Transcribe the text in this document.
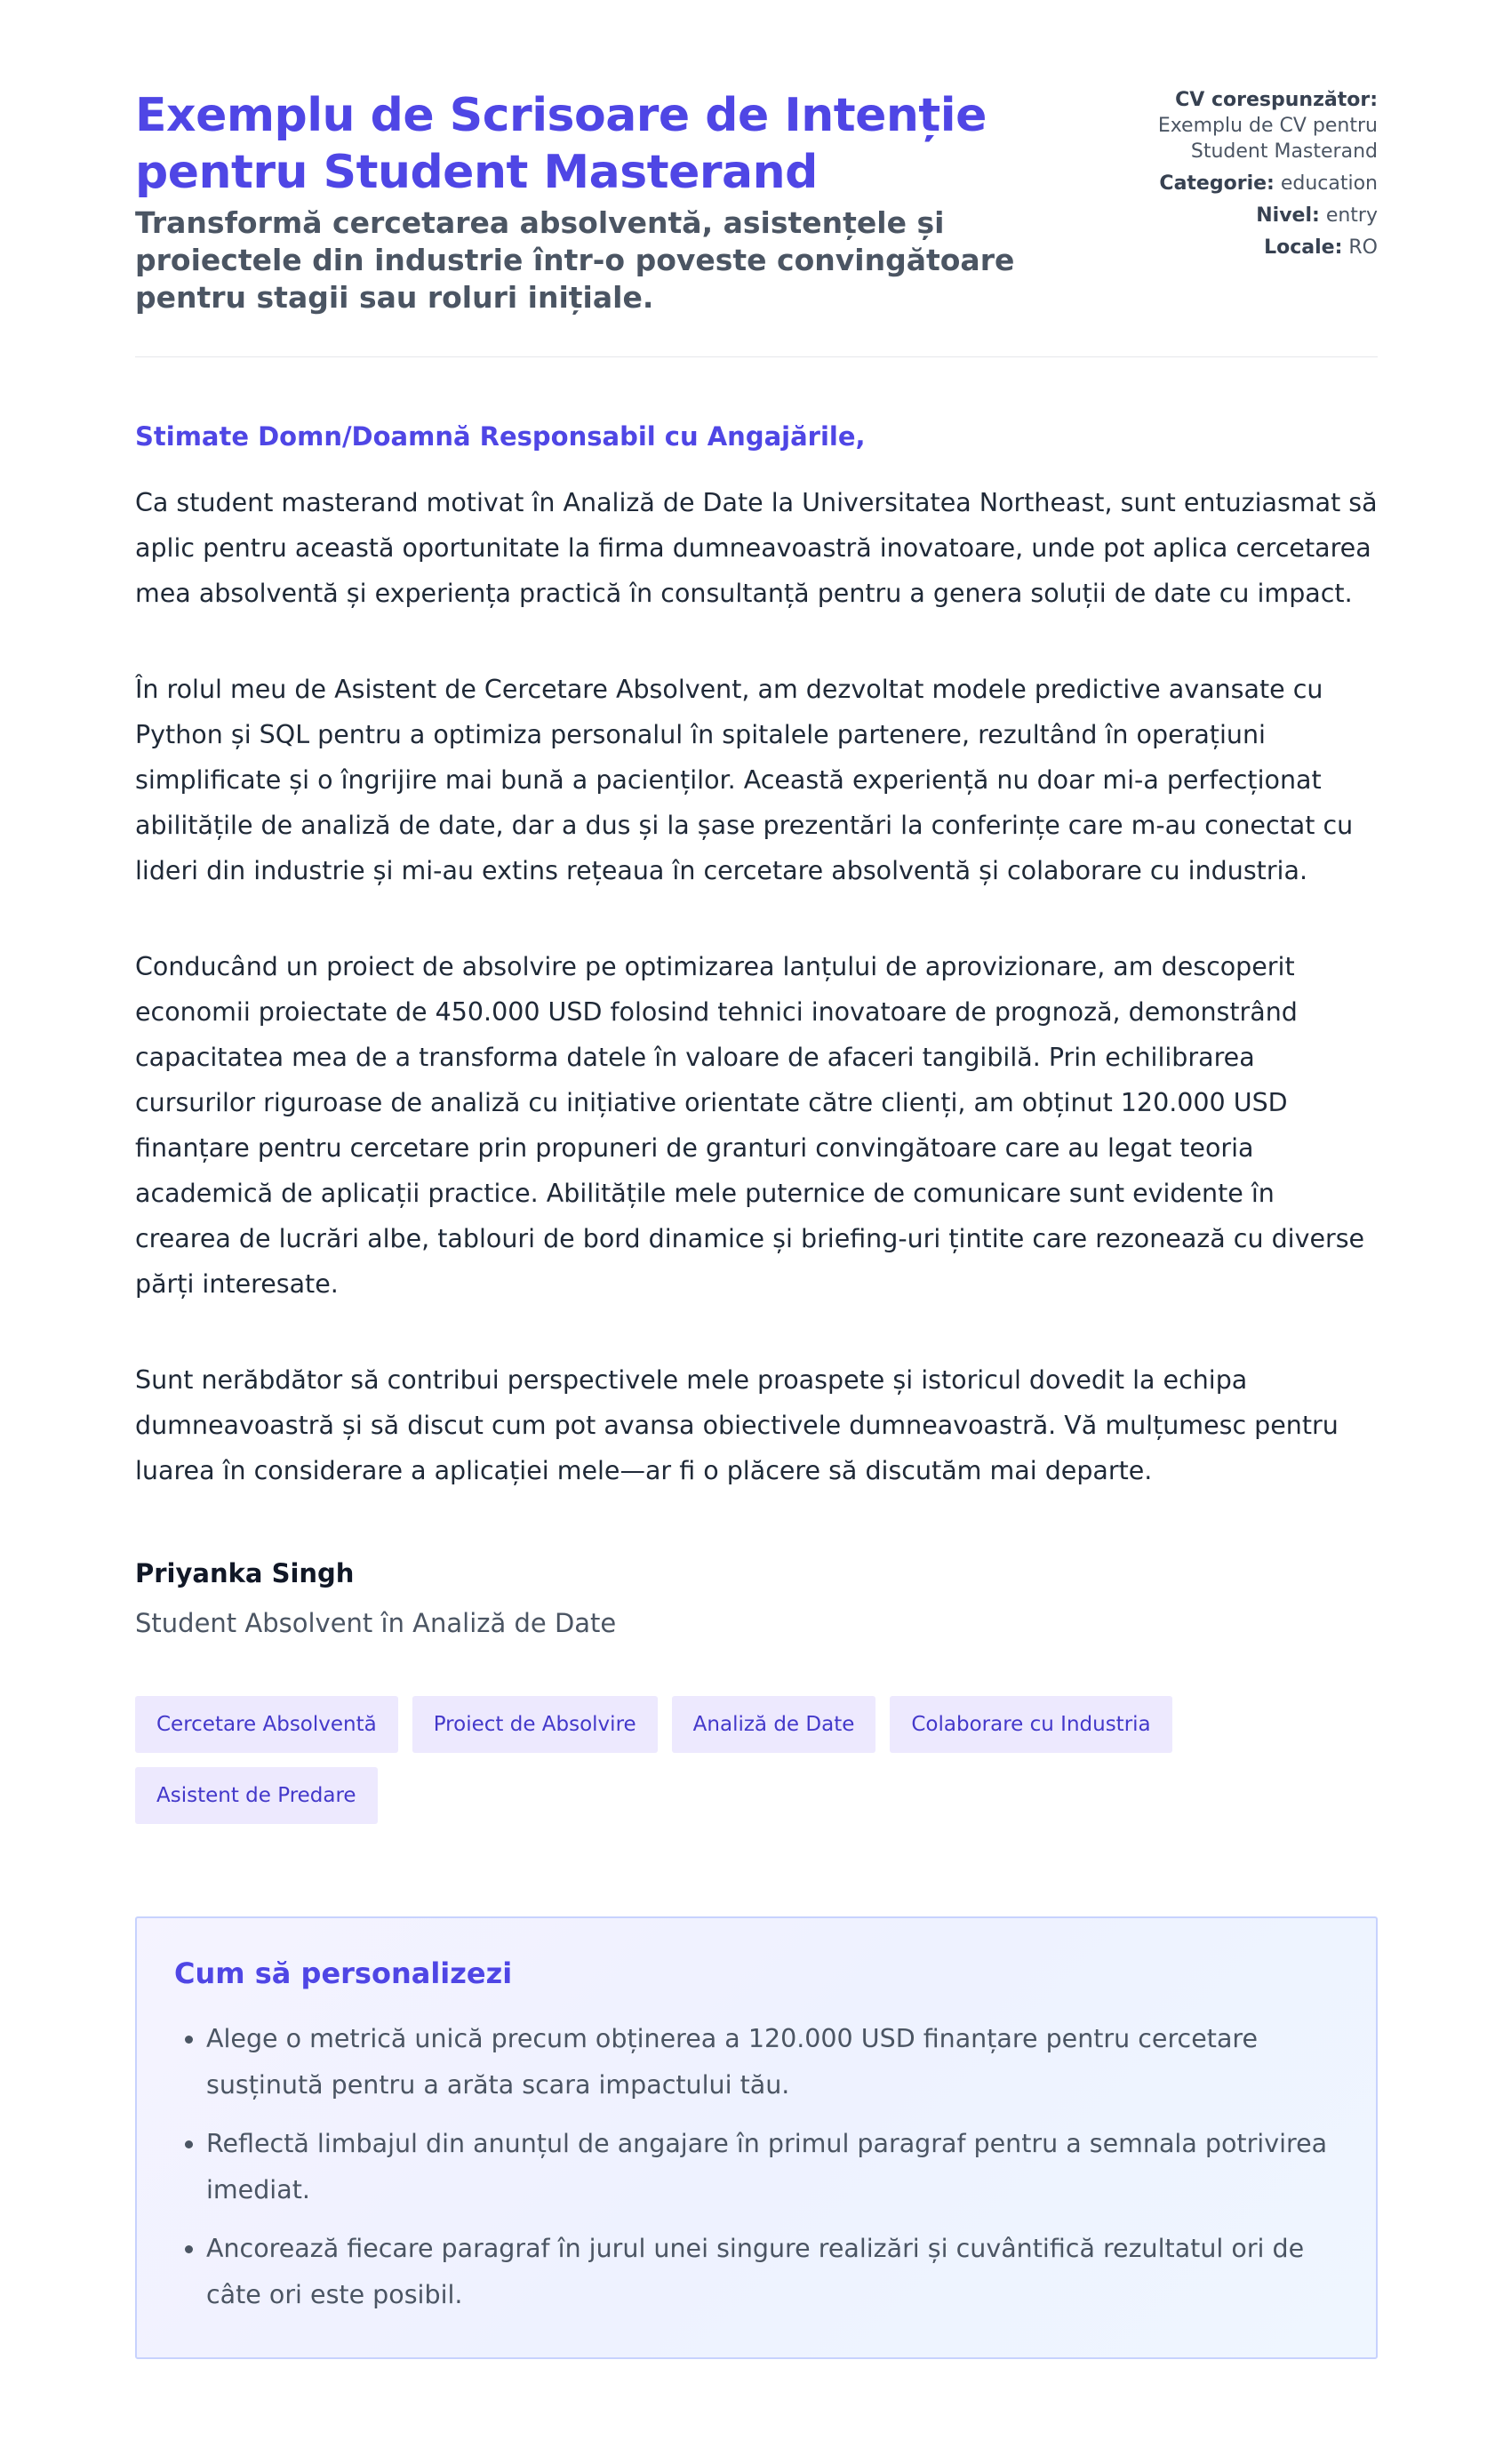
Exemplu de Scrisoare de Intenție pentru Student Masterand
Transformă cercetarea absolventă, asistențele și proiectele din industrie într-o poveste convingătoare pentru stagii sau roluri inițiale.
CV corespunzător:
Exemplu de CV pentru Student Masterand
Categorie: education
Nivel: entry
Locale: RO
Stimate Domn/Doamnă Responsabil cu Angajările,

Ca student masterand motivat în Analiză de Date la Universitatea Northeast, sunt entuziasmat să aplic pentru această oportunitate la firma dumneavoastră inovatoare, unde pot aplica cercetarea mea absolventă și experiența practică în consultanță pentru a genera soluții de date cu impact.

În rolul meu de Asistent de Cercetare Absolvent, am dezvoltat modele predictive avansate cu Python și SQL pentru a optimiza personalul în spitalele partenere, rezultând în operațiuni simplificate și o îngrijire mai bună a pacienților. Această experiență nu doar mi-a perfecționat abilitățile de analiză de date, dar a dus și la șase prezentări la conferințe care m-au conectat cu lideri din industrie și mi-au extins rețeaua în cercetare absolventă și colaborare cu industria.

Conducând un proiect de absolvire pe optimizarea lanțului de aprovizionare, am descoperit economii proiectate de 450.000 USD folosind tehnici inovatoare de prognoză, demonstrând capacitatea mea de a transforma datele în valoare de afaceri tangibilă. Prin echilibrarea cursurilor riguroase de analiză cu inițiative orientate către clienți, am obținut 120.000 USD finanțare pentru cercetare prin propuneri de granturi convingătoare care au legat teoria academică de aplicații practice. Abilitățile mele puternice de comunicare sunt evidente în crearea de lucrări albe, tablouri de bord dinamice și briefing-uri țintite care rezonează cu diverse părți interesate.

Sunt nerăbdător să contribui perspectivele mele proaspete și istoricul dovedit la echipa dumneavoastră și să discut cum pot avansa obiectivele dumneavoastră. Vă mulțumesc pentru luarea în considerare a aplicației mele—ar fi o plăcere să discutăm mai departe.

Priyanka Singh
Student Absolvent în Analiză de Date
Cercetare Absolventă	Proiect de Absolvire	Analiză de Date	Colaborare cu Industria
Asistent de Predare
Cum să personalizezi
• Alege o metrică unică precum obținerea a 120.000 USD finanțare pentru cercetare susținută pentru a arăta scara impactului tău.
• Reflectă limbajul din anunțul de angajare în primul paragraf pentru a semnala potrivirea imediat.
• Ancorează fiecare paragraf în jurul unei singure realizări și cuvântifică rezultatul ori de câte ori este posibil.
